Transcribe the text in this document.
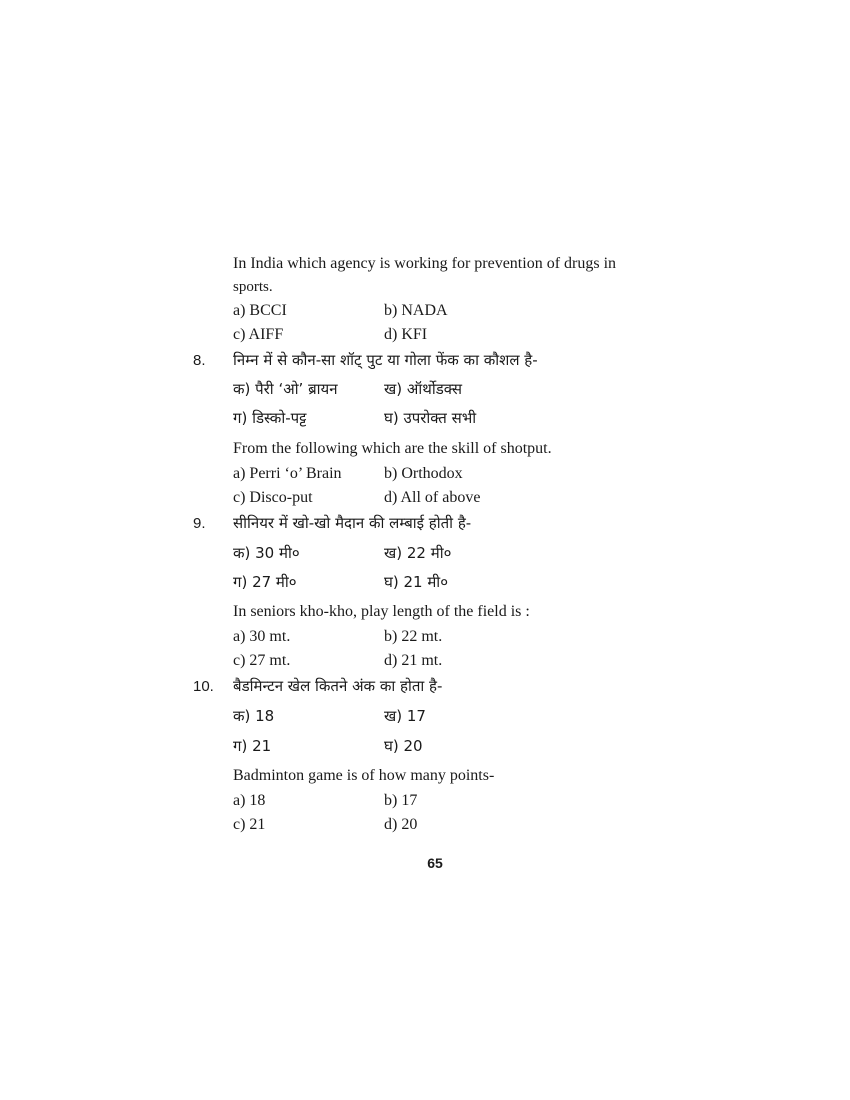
In India which agency is working for prevention of drugs in
sports.
a) BCCI	b) NADA
c) AIFF	d) KFI
8. निम्न में से कौन-सा शॉट् पुट या गोला फेंक का कौशल है-
क) पैरी ‘ओ’ ब्रायन	ख) ऑर्थोडक्स
ग) डिस्को-पट्ट	घ) उपरोक्त सभी
From the following which are the skill of shotput.
a) Perri ‘o’ Brain	b) Orthodox
c) Disco-put	d) All of above
9. सीनियर में खो-खो मैदान की लम्बाई होती है-
क) 30 मी०	ख) 22 मी०
ग) 27 मी०	घ) 21 मी०
In seniors kho-kho, play length of the field is :
a) 30 mt.	b) 22 mt.
c) 27 mt.	d) 21 mt.
10. बैडमिन्टन खेल कितने अंक का होता है-
क) 18	ख) 17
ग) 21	घ) 20
Badminton game is of how many points-
a) 18	b) 17
c) 21	d) 20
65
